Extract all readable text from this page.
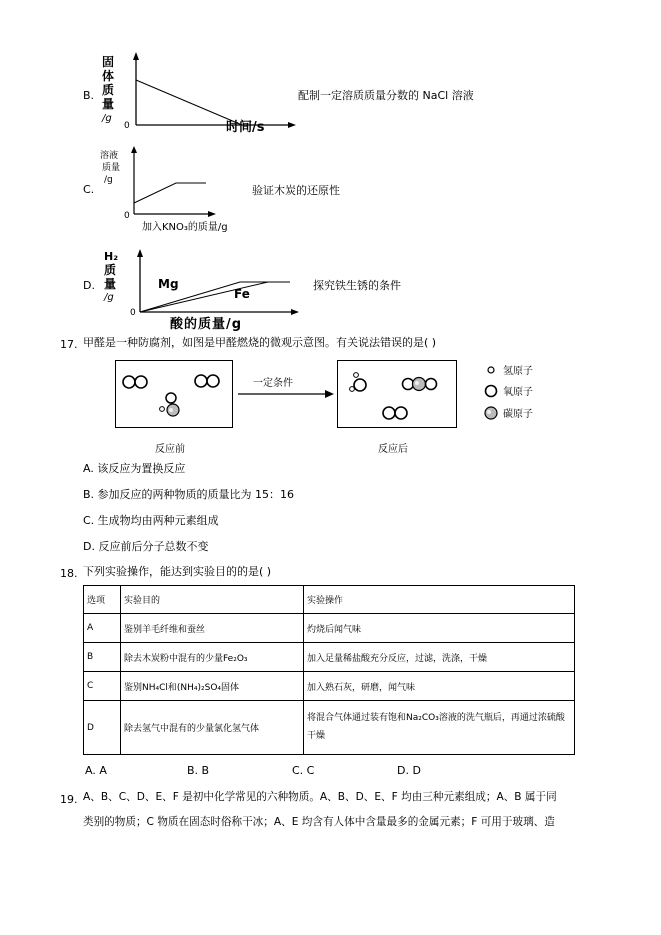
B.
固
体
质
量
/g
0	时间/s
配制一定溶质质量分数的 NaCl 溶液
C.
溶液
质量
/g
0
加入KNO₃的质量/g
验证木炭的还原性
D.
H₂
质
量
/g
Mg
Fe
0
酸的质量/g
探究铁生锈的条件
17. 甲醛是一种防腐剂，如图是甲醛燃烧的微观示意图。有关说法错误的是( )
一定条件
反应前	反应后
氢原子
氧原子
碳原子
A. 该反应为置换反应
B. 参加反应的两种物质的质量比为 15：16
C. 生成物均由两种元素组成
D. 反应前后分子总数不变
18. 下列实验操作，能达到实验目的的是( )
选项	实验目的	实验操作
A	鉴别羊毛纤维和蚕丝	灼烧后闻气味
B	除去木炭粉中混有的少量Fe₂O₃	加入足量稀盐酸充分反应，过滤，洗涤，干燥
C	鉴别NH₄Cl和(NH₄)₂SO₄固体	加入熟石灰，研磨，闻气味
D	除去氢气中混有的少量氯化氢气体	将混合气体通过装有饱和Na₂CO₃溶液的洗气瓶后，再通过浓硫酸干燥
A. A	B. B	C. C	D. D
19. A、B、C、D、E、F 是初中化学常见的六种物质。A、B、D、E、F 均由三种元素组成；A、B 属于同
类别的物质；C 物质在固态时俗称干冰；A、E 均含有人体中含量最多的金属元素；F 可用于玻璃、造
